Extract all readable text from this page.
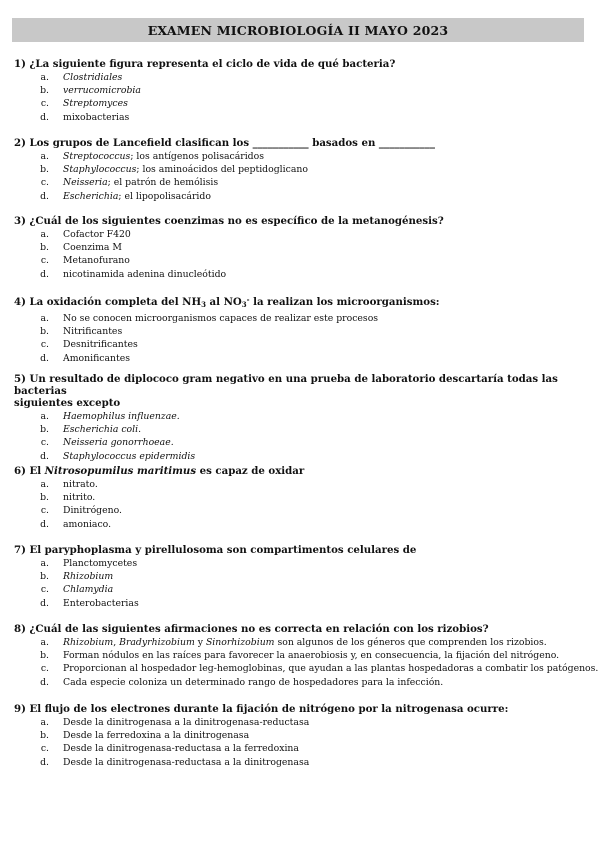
EXAMEN MICROBIOLOGÍA II MAYO 2023

1) ¿La siguiente figura representa el ciclo de vida de qué bacteria?

a. Clostridiales
b. verrucomicrobia
c. Streptomyces
d. mixobacterias

2) Los grupos de Lancefield clasifican los ___________ basados en ___________

a. Streptococcus; los antígenos polisacáridos
b. Staphylococcus; los aminoácidos del peptidoglicano
c. Neisseria; el patrón de hemólisis
d. Escherichia; el lipopolisacárido

3) ¿Cuál de los siguientes coenzimas no es específico de la metanogénesis?

a. Cofactor F420
b. Coenzima M
c. Metanofurano
d. nicotinamida adenina dinucleótido

4) La oxidación completa del $NH_3$ al $NO_3^-$ la realizan los microorganismos:

a. No se conocen microorganismos capaces de realizar este procesos
b. Nitrificantes
c. Desnitrificantes
d. Amonificantes

5) Un resultado de diplococo gram negativo en una prueba de laboratorio descartaría todas las bacterias
siguientes excepto

a. Haemophilus influenzae.
b. Escherichia coli.
c. Neisseria gonorrhoeae.
d. Staphylococcus epidermidis

6) El Nitrosopumilus maritimus es capaz de oxidar

a. nitrato.
b. nitrito.
c. Dinitrógeno.
d. amoniaco.

7) El paryphoplasma y pirellulosoma son compartimentos celulares de

a. Planctomycetes
b. Rhizobium
c. Chlamydia
d. Enterobacterias

8) ¿Cuál de las siguientes afirmaciones no es correcta en relación con los rizobios?

a. Rhizobium, Bradyrhizobium y Sinorhizobium son algunos de los géneros que comprenden los rizobios.
b. Forman nódulos en las raíces para favorecer la anaerobiosis y, en consecuencia, la fijación del nitrógeno.
c. Proporcionan al hospedador leg-hemoglobinas, que ayudan a las plantas hospedadoras a combatir los patógenos.
d. Cada especie coloniza un determinado rango de hospedadores para la infección.

9) El flujo de los electrones durante la fijación de nitrógeno por la nitrogenasa ocurre:

a. Desde la dinitrogenasa a la dinitrogenasa-reductasa
b. Desde la ferredoxina a la dinitrogenasa
c. Desde la dinitrogenasa-reductasa a la ferredoxina
d. Desde la dinitrogenasa-reductasa a la dinitrogenasa
